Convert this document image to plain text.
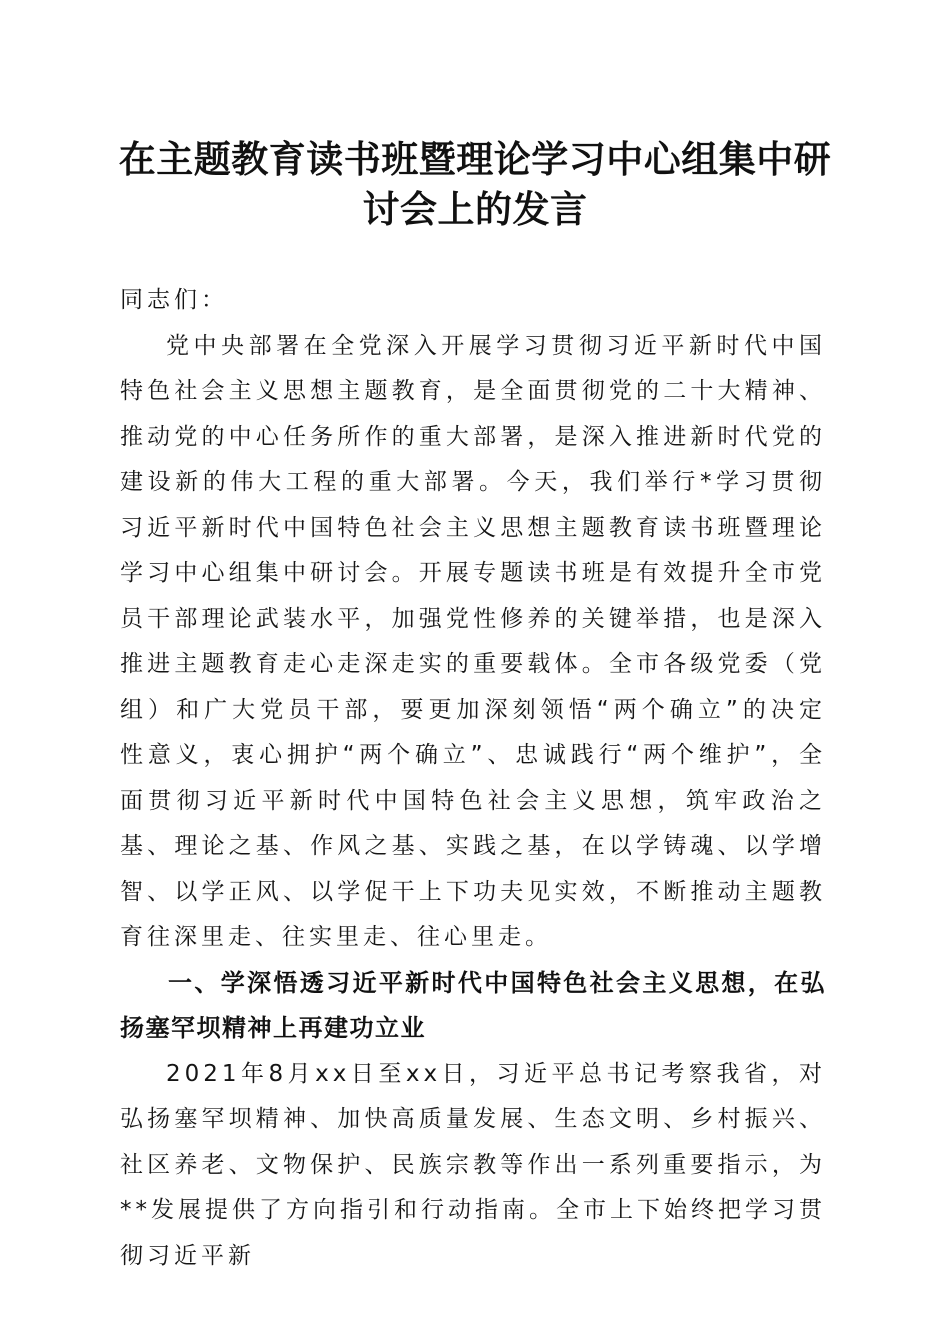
在主题教育读书班暨理论学习中心组集中研讨会上的发言

同志们：

党中央部署在全党深入开展学习贯彻习近平新时代中国特色社会主义思想主题教育，是全面贯彻党的二十大精神、推动党的中心任务所作的重大部署，是深入推进新时代党的建设新的伟大工程的重大部署。今天，我们举行*学习贯彻习近平新时代中国特色社会主义思想主题教育读书班暨理论学习中心组集中研讨会。开展专题读书班是有效提升全市党员干部理论武装水平，加强党性修养的关键举措，也是深入推进主题教育走心走深走实的重要载体。全市各级党委（党组）和广大党员干部，要更加深刻领悟“两个确立”的决定性意义，衷心拥护“两个确立”、忠诚践行“两个维护”，全面贯彻习近平新时代中国特色社会主义思想，筑牢政治之基、理论之基、作风之基、实践之基，在以学铸魂、以学增智、以学正风、以学促干上下功夫见实效，不断推动主题教育往深里走、往实里走、往心里走。

一、学深悟透习近平新时代中国特色社会主义思想，在弘扬塞罕坝精神上再建功立业

2021年8月xx日至xx日，习近平总书记考察我省，对弘扬塞罕坝精神、加快高质量发展、生态文明、乡村振兴、社区养老、文物保护、民族宗教等作出一系列重要指示，为**发展提供了方向指引和行动指南。全市上下始终把学习贯彻习近平新
